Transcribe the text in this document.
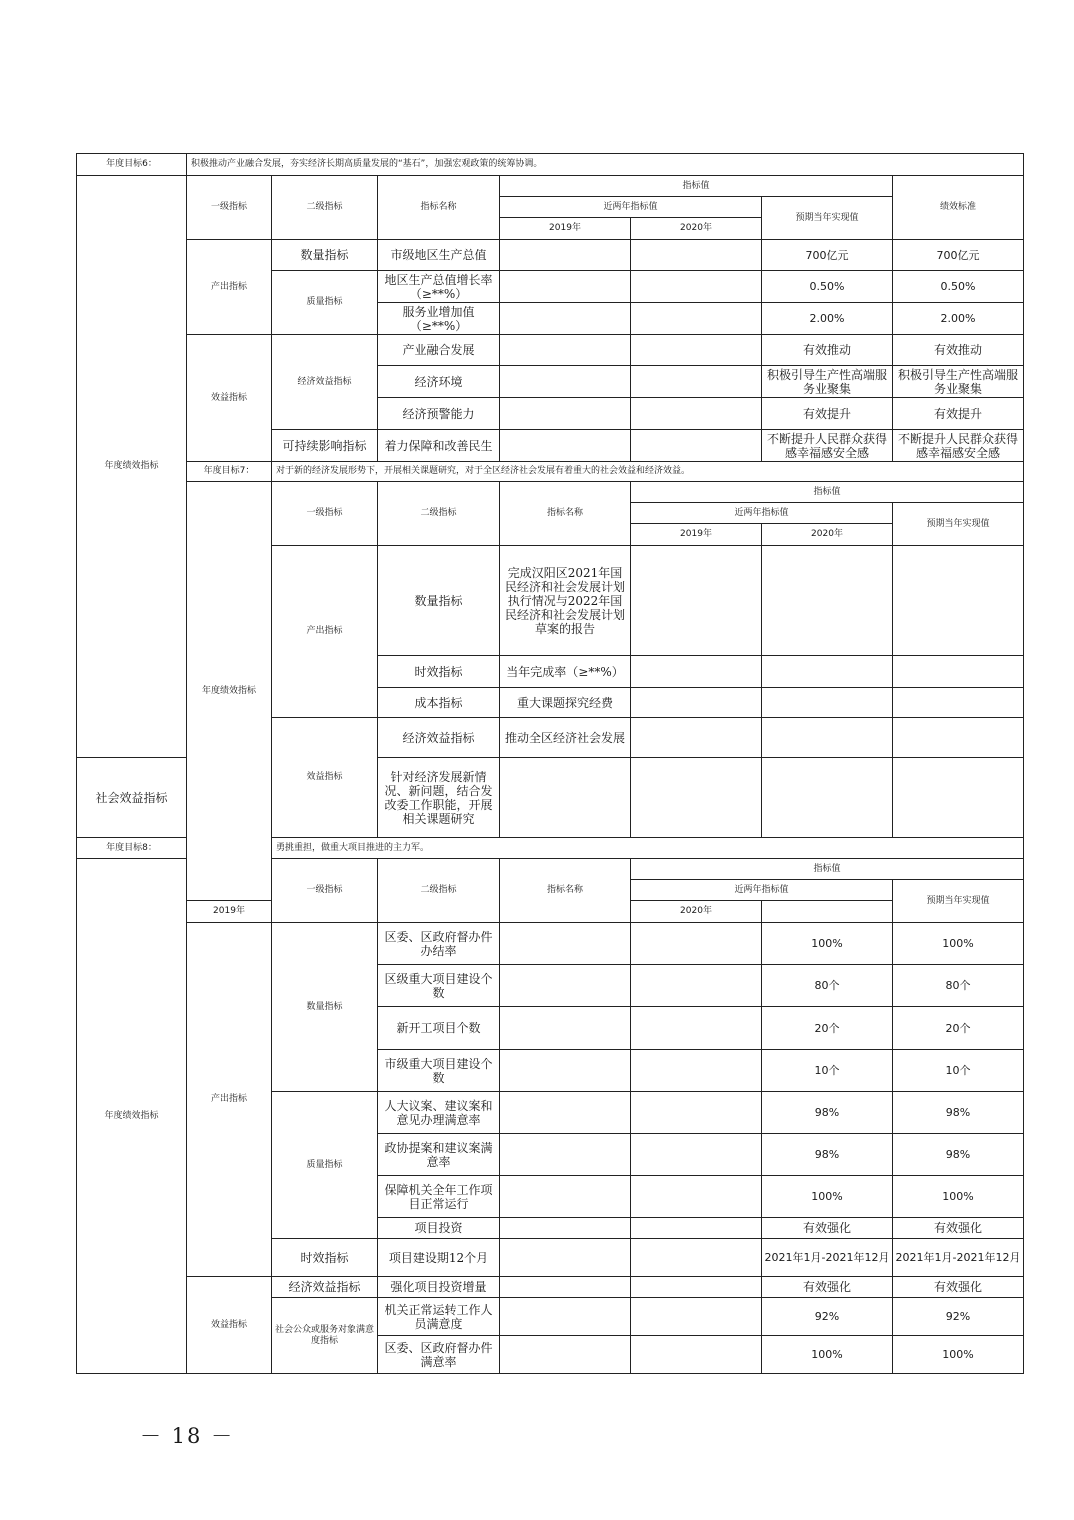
年度目标6：	积极推动产业融合发展，夯实经济长期高质量发展的“基石”，加强宏观政策的统筹协调。							
年度绩效指标	一级指标	二级指标	指标名称	指标值			绩效标准	
				近两年指标值		预期当年实现值		
				2019年	2020年			
	产出指标	数量指标	市级地区生产总值			700亿元	700亿元	
		质量指标	地区生产总值增长率（≥**%）			0.50%	0.50%	
			服务业增加值（≥**%）			2.00%	2.00%	
	效益指标	经济效益指标	产业融合发展			有效推动	有效推动	
			经济环境			积极引导生产性高端服务业聚集	积极引导生产性高端服务业聚集	
			经济预警能力			有效提升	有效提升	
		可持续影响指标	着力保障和改善民生			不断提升人民群众获得感幸福感安全感	不断提升人民群众获得感幸福感安全感	
	年度目标7：	对于新的经济发展形势下，开展相关课题研究，对于全区经济社会发展有着重大的社会效益和经济效益。						
	年度绩效指标	一级指标	二级指标	指标名称	指标值	
					近两年指标值		预期当年实现值	
					2019年	2020年		
		产出指标	数量指标	完成汉阳区2021年国民经济和社会发展计划执行情况与2022年国民经济和社会发展计划草案的报告				
			时效指标	当年完成率（≥**%）				
			成本指标	重大课题探究经费				
		效益指标	经济效益指标	推动全区经济社会发展				
社会效益指标			针对经济发展新情况、新问题，结合发改委工作职能，开展相关课题研究					
年度目标8：		勇挑重担，做重大项目推进的主力军。						
年度绩效指标		一级指标	二级指标	指标名称	指标值	
					近两年指标值		预期当年实现值	
	2019年				2020年			
	产出指标	数量指标	区委、区政府督办件办结率			100%	100%	
			区级重大项目建设个数			80个	80个	
			新开工项目个数			20个	20个	
			市级重大项目建设个数			10个	10个	
		质量指标	人大议案、建议案和意见办理满意率			98%	98%	
			政协提案和建议案满意率			98%	98%	
			保障机关全年工作项目正常运行			100%	100%	
			项目投资			有效强化	有效强化	
		时效指标	项目建设期12个月			2021年1月-2021年12月	2021年1月-2021年12月	
	效益指标	经济效益指标	强化项目投资增量			有效强化	有效强化	
		社会公众或服务对象满意度指标	机关正常运转工作人员满意度			92%	92%	
			区委、区政府督办件满意率			100%	100%	
－ 18 －
